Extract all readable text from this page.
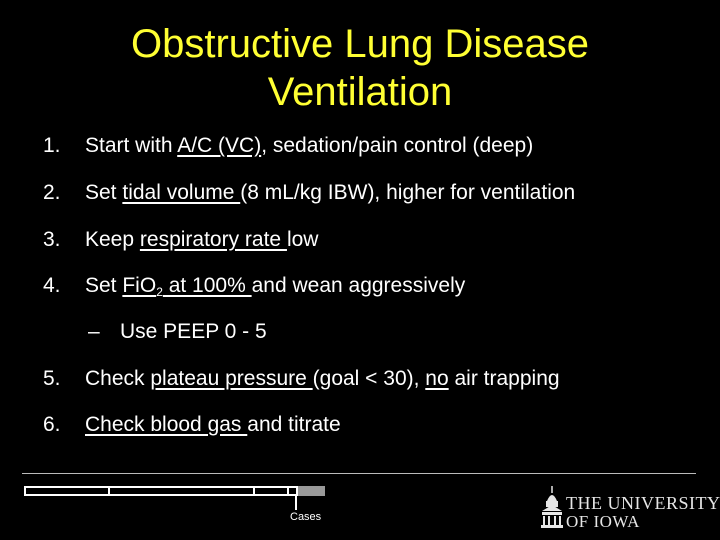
Obstructive Lung Disease
Ventilation
1. Start with A/C (VC), sedation/pain control (deep)
2. Set tidal volume (8 mL/kg IBW), higher for ventilation
3. Keep respiratory rate low
4. Set FiO$_2$ at 100% and wean aggressively
– Use PEEP 0 - 5
5. Check plateau pressure (goal < 30), no air trapping
6. Check blood gas and titrate
Cases
THE UNIVERSITY
OF IOWA
